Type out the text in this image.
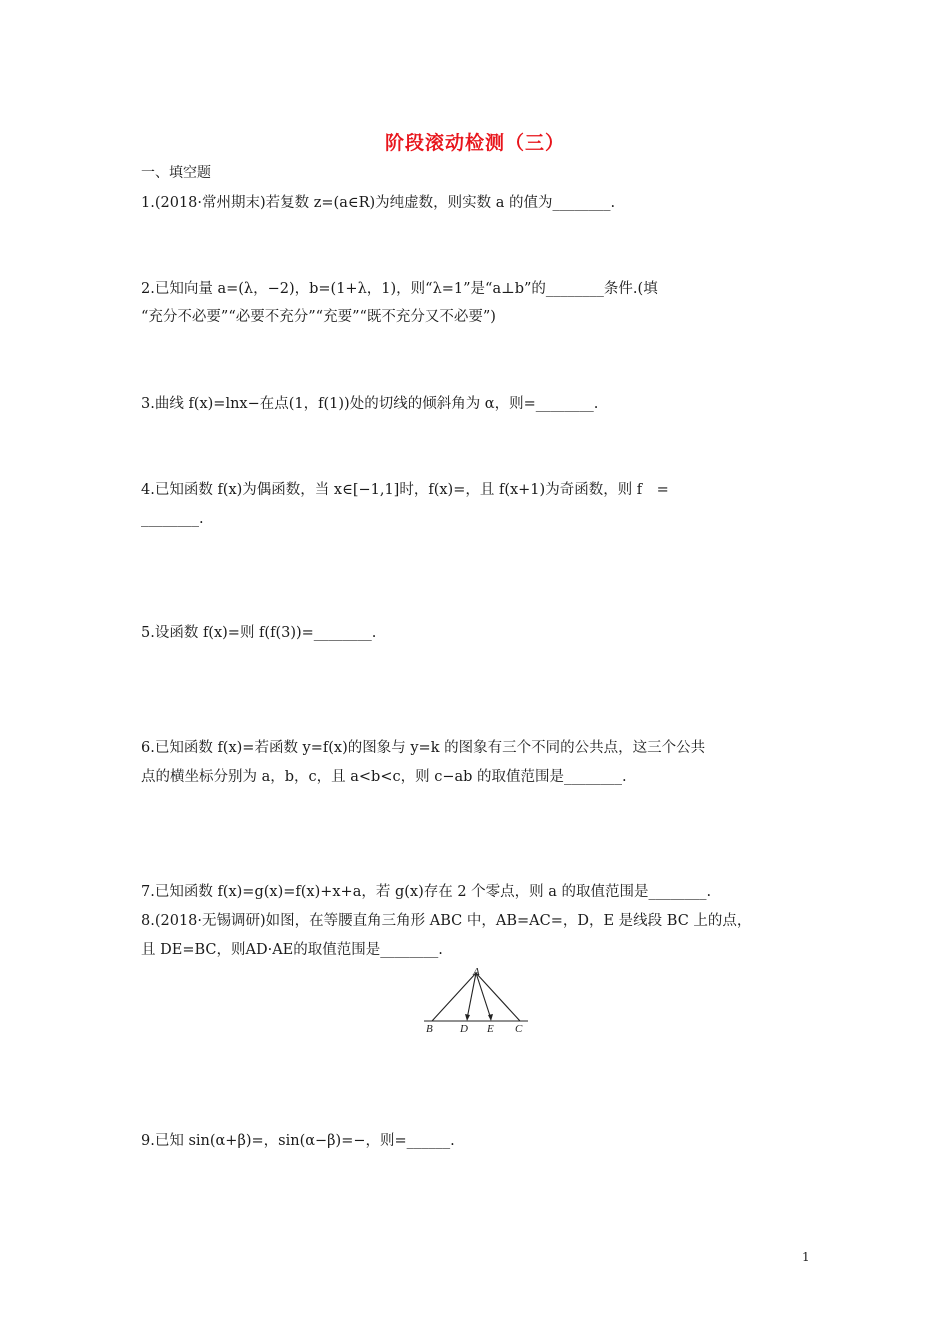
阶段滚动检测（三）
一、填空题
1.(2018·常州期末)若复数 z=(a∈R)为纯虚数，则实数 a 的值为________.
2.已知向量 a=(λ，−2)，b=(1+λ，1)，则“λ=1”是“a⊥b”的________条件.(填
“充分不必要”“必要不充分”“充要”“既不充分又不必要”)
3.曲线 f(x)=lnx−在点(1，f(1))处的切线的倾斜角为 α，则=________.
4.已知函数 f(x)为偶函数，当 x∈[−1,1]时，f(x)=，且 f(x+1)为奇函数，则 f　=
________.
5.设函数 f(x)=则 f(f(3))=________.
6.已知函数 f(x)=若函数 y=f(x)的图象与 y=k 的图象有三个不同的公共点，这三个公共
点的横坐标分别为 a，b，c，且 a<b<c，则 c−ab 的取值范围是________.
7.已知函数 f(x)=g(x)=f(x)+x+a，若 g(x)存在 2 个零点，则 a 的取值范围是________.
8.(2018·无锡调研)如图，在等腰直角三角形 ABC 中，AB=AC=，D，E 是线段 BC 上的点，
且 DE=BC，则AD·AE的取值范围是________.
A
B D E C
9.已知 sin(α+β)=，sin(α−β)=−，则=______.
1
